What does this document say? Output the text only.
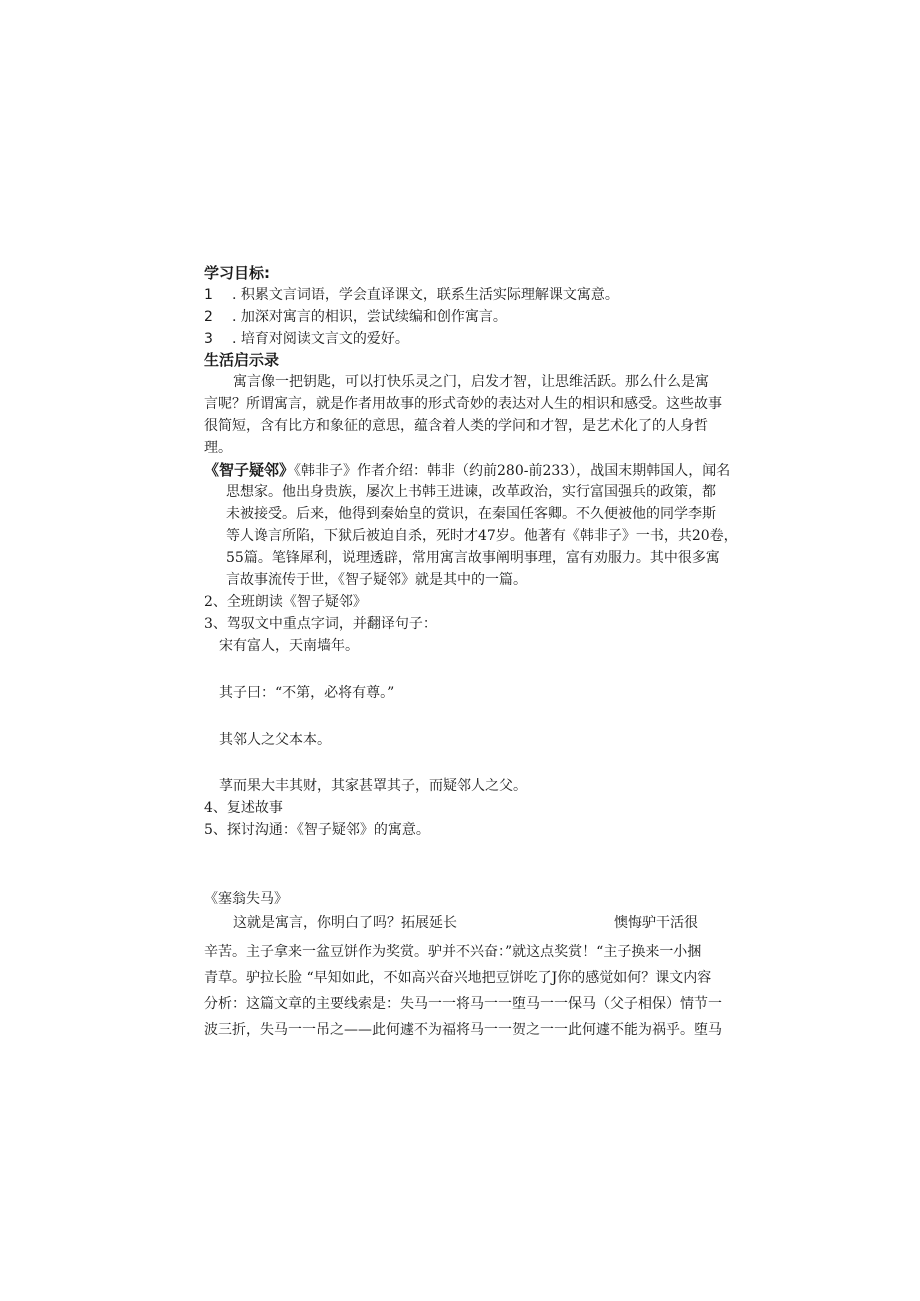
学习目标:
1 . 积累文言词语，学会直译课文，联系生活实际理解课文寓意。
2 . 加深对寓言的相识，尝试续编和创作寓言。
3 . 培育对阅读文言文的爱好。
生活启示录
寓言像一把钥匙，可以打快乐灵之门，启发才智，让思维活跃。那么什么是寓
言呢？所谓寓言，就是作者用故事的形式奇妙的表达对人生的相识和感受。这些故事
很简短，含有比方和象征的意思，蕴含着人类的学问和才智，是艺术化了的人身哲
理。
《智子疑邻》《韩非子》作者介绍：韩非（约前280-前233），战国末期韩国人，闻名
思想家。他出身贵族，屡次上书韩王进谏，改革政治，实行富国强兵的政策，都
未被接受。后来，他得到秦始皇的赏识，在秦国任客卿。不久便被他的同学李斯
等人谗言所陷，下狱后被迫自杀，死时才47岁。他著有《韩非子》一书，共20卷，
55篇。笔锋犀利，说理透辟，常用寓言故事阐明事理，富有劝服力。其中很多寓
言故事流传于世，《智子疑邻》就是其中的一篇。
2、全班朗读《智子疑邻》
3、驾驭文中重点字词，并翻译句子：
宋有富人，天南墙年。
其子曰：“不第，必将有尊。”
其邻人之父本本。
莩而果大丰其财，其家甚罩其子，而疑邻人之父。
4、复述故事
5、探讨沟通：《智子疑邻》的寓意。
《塞翁失马》
这就是寓言，你明白了吗？拓展延长	懊悔驴干活很
辛苦。主子拿来一盆豆饼作为奖赏。驴并不兴奋：”就这点奖赏！“主子换来一小捆
青草。驴拉长脸 “早知如此，不如高兴奋兴地把豆饼吃了J你的感觉如何？课文内容
分析：这篇文章的主要线索是：失马一一将马一一堕马一一保马（父子相保）情节一
波三折，失马一一吊之——此何遽不为福将马一一贺之一一此何遽不能为祸乎。堕马
